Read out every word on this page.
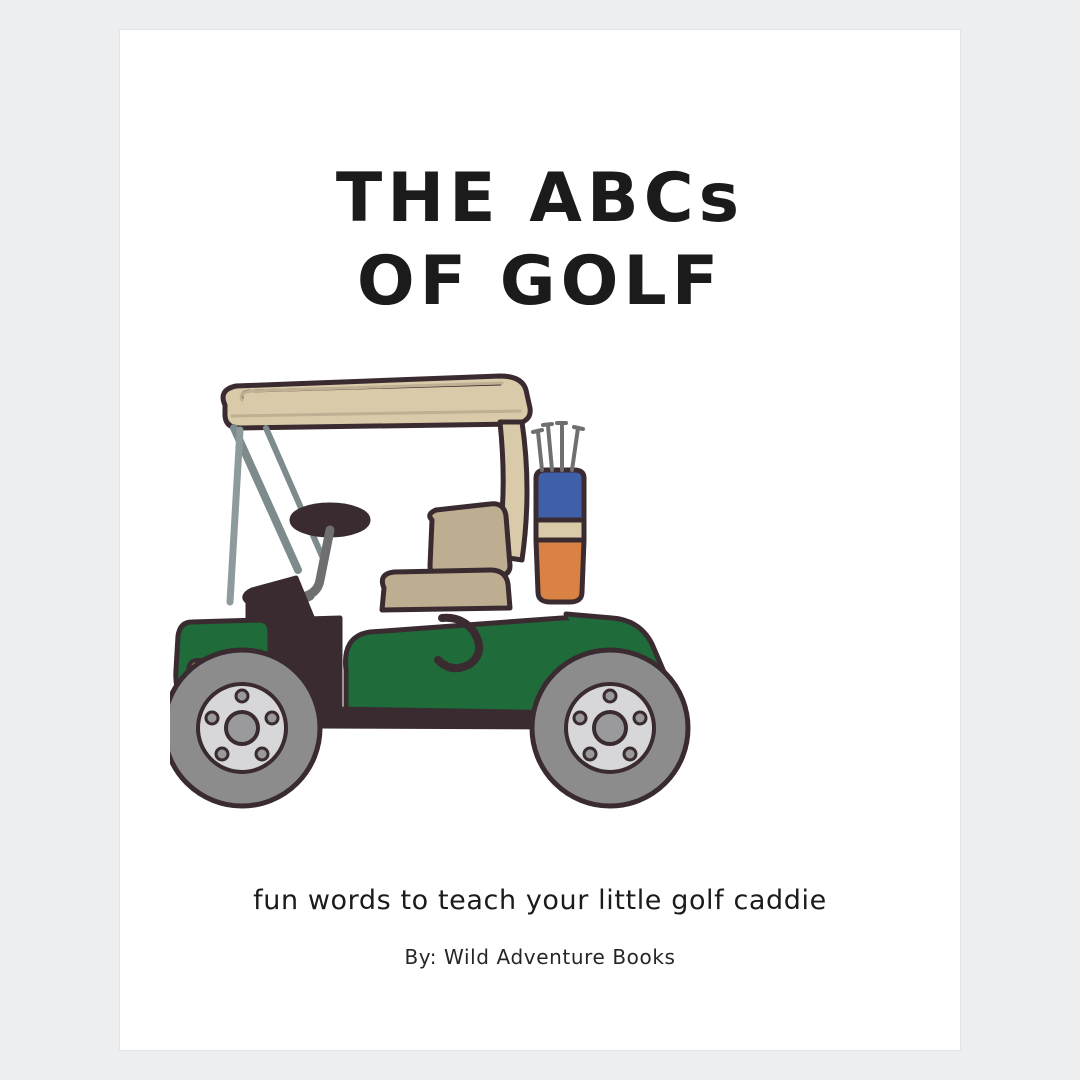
THE ABCs
OF GOLF
fun words to teach your little golf caddie
By: Wild Adventure Books
